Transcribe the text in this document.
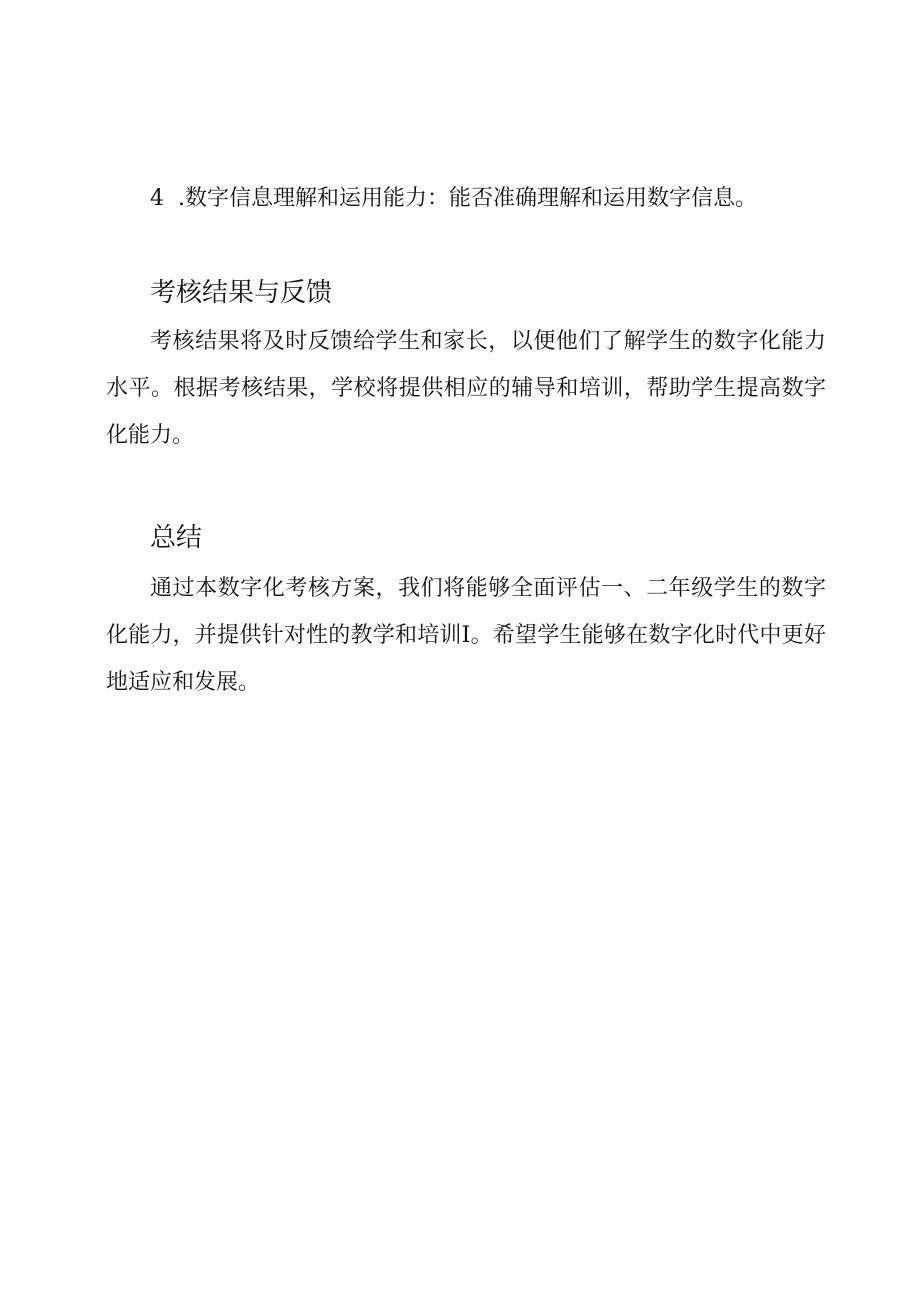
4 .数字信息理解和运用能力：能否准确理解和运用数字信息。
考核结果与反馈

考核结果将及时反馈给学生和家长，以便他们了解学生的数字化能力水平。根据考核结果，学校将提供相应的辅导和培训，帮助学生提高数字化能力。

总结

通过本数字化考核方案，我们将能够全面评估一、二年级学生的数字化能力，并提供针对性的教学和培训I。希望学生能够在数字化时代中更好地适应和发展。
